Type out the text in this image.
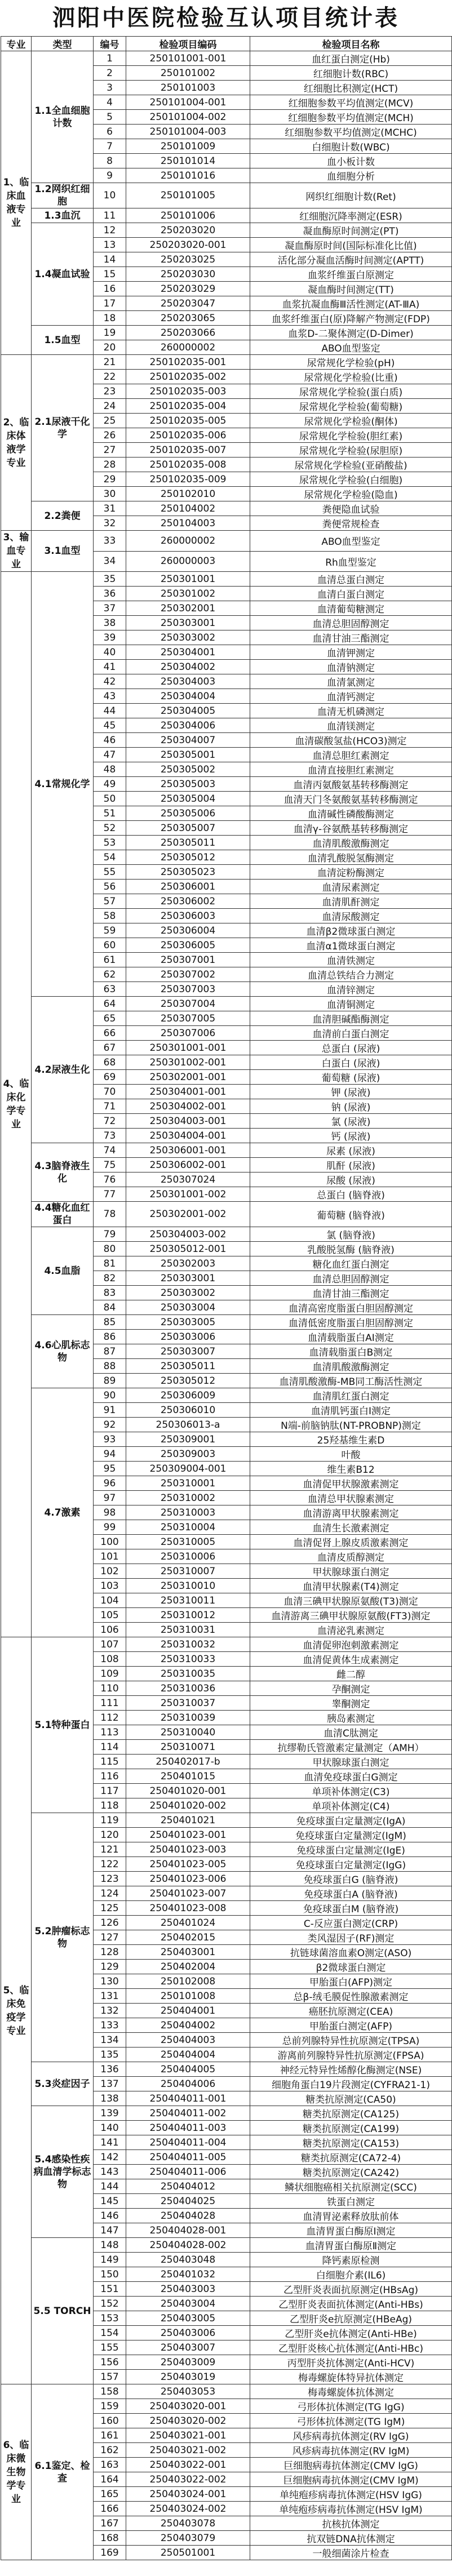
泗阳中医院检验互认项目统计表
专业	类型	编号	检验项目编码	检验项目名称
1、临床血液专业	1.1全血细胞计数	1	250101001-001	血红蛋白测定(Hb)
		2	250101002	红细胞计数(RBC)
		3	250101003	红细胞比积测定(HCT)
		4	250101004-001	红细胞参数平均值测定(MCV)
		5	250101004-002	红细胞参数平均值测定(MCH)
		6	250101004-003	红细胞参数平均值测定(MCHC)
		7	250101009	白细胞计数(WBC)
		8	250101014	血小板计数
		9	250101016	血细胞分析
	1.2网织红细胞	10	250101005	网织红细胞计数(Ret)
	1.3血沉	11	250101006	红细胞沉降率测定(ESR)
	1.4凝血试验	12	250203020	凝血酶原时间测定(PT)
		13	250203020-001	凝血酶原时间(国际标准化比值)
		14	250203025	活化部分凝血活酶时间测定(APTT)
		15	250203030	血浆纤维蛋白原测定
		16	250203029	凝血酶时间测定(TT)
		17	250203047	血浆抗凝血酶Ⅲ活性测定(AT-ⅢA)
		18	250203065	血浆纤维蛋白(原)降解产物测定(FDP)
	1.5血型	19	250203066	血浆D-二聚体测定(D-Dimer)
		20	260000002	ABO血型鉴定
2、临床体液学专业	2.1尿液干化学	21	250102035-001	尿常规化学检验(pH)
		22	250102035-002	尿常规化学检验(比重)
		23	250102035-003	尿常规化学检验(蛋白质)
		24	250102035-004	尿常规化学检验(葡萄糖)
		25	250102035-005	尿常规化学检验(酮体)
		26	250102035-006	尿常规化学检验(胆红素)
		27	250102035-007	尿常规化学检验(尿胆原)
		28	250102035-008	尿常规化学检验(亚硝酸盐)
		29	250102035-009	尿常规化学检验(白细胞)
		30	250102010	尿常规化学检验(隐血)
	2.2粪便	31	250104002	粪便隐血试验
		32	250104003	粪便常规检查
3、输血专业	3.1血型	33	260000002	ABO血型鉴定
		34	260000003	Rh血型鉴定
4、临床化学专业	4.1常规化学	35	250301001	血清总蛋白测定
		36	250301002	血清白蛋白测定
		37	250302001	血清葡萄糖测定
		38	250303001	血清总胆固醇测定
		39	250303002	血清甘油三酯测定
		40	250304001	血清钾测定
		41	250304002	血清钠测定
		42	250304003	血清氯测定
		43	250304004	血清钙测定
		44	250304005	血清无机磷测定
		45	250304006	血清镁测定
		46	250304007	血清碳酸氢盐(HCO3)测定
		47	250305001	血清总胆红素测定
		48	250305002	血清直接胆红素测定
		49	250305003	血清丙氨酸氨基转移酶测定
		50	250305004	血清天门冬氨酸氨基转移酶测定
		51	250305006	血清碱性磷酸酶测定
		52	250305007	血清γ-谷氨酰基转移酶测定
		53	250305011	血清肌酸激酶测定
		54	250305012	血清乳酸脱氢酶测定
		55	250305023	血清淀粉酶测定
		56	250306001	血清尿素测定
		57	250306002	血清肌酐测定
		58	250306003	血清尿酸测定
		59	250306004	血清β2微球蛋白测定
		60	250306005	血清α1微球蛋白测定
		61	250307001	血清铁测定
		62	250307002	血清总铁结合力测定
		63	250307003	血清锌测定
	4.2尿液生化	64	250307004	血清铜测定
		65	250307005	血清胆碱酯酶测定
		66	250307006	血清前白蛋白测定
		67	250301001-001	总蛋白 (尿液)
		68	250301002-001	白蛋白 (尿液)
		69	250302001-001	葡萄糖 (尿液)
		70	250304001-001	钾 (尿液)
		71	250304002-001	钠 (尿液)
		72	250304003-001	氯 (尿液)
		73	250304004-001	钙 (尿液)
	4.3脑脊液生化	74	250306001-001	尿素 (尿液)
		75	250306002-001	肌酐 (尿液)
		76	250307024	尿酸 (尿液)
		77	250301001-002	总蛋白 (脑脊液)
	4.4糖化血红蛋白	78	250302001-002	葡萄糖 (脑脊液)
	4.5血脂	79	250304003-002	氯 (脑脊液)
		80	250305012-001	乳酸脱氢酶 (脑脊液)
		81	250302003	糖化血红蛋白测定
		82	250303001	血清总胆固醇测定
		83	250303002	血清甘油三酯测定
		84	250303004	血清高密度脂蛋白胆固醇测定
	4.6心肌标志物	85	250303005	血清低密度脂蛋白胆固醇测定
		86	250303006	血清载脂蛋白AⅠ测定
		87	250303007	血清载脂蛋白B测定
		88	250305011	血清肌酸激酶测定
		89	250305012	血清肌酸激酶-MB同工酶活性测定
	4.7激素	90	250306009	血清肌红蛋白测定
		91	250306010	血清肌钙蛋白I测定
		92	250306013-a	N端-前脑钠肽(NT-PROBNP)测定
		93	250309001	25羟基维生素D
		94	250309003	叶酸
		95	250309004-001	维生素B12
		96	250310001	血清促甲状腺激素测定
		97	250310002	血清总甲状腺素测定
		98	250310003	血清游离甲状腺素测定
		99	250310004	血清生长激素测定
		100	250310005	血清促肾上腺皮质激素测定
		101	250310006	血清皮质醇测定
		102	250310007	甲状腺球蛋白测定
		103	250310010	血清甲状腺素(T4)测定
		104	250310011	血清三碘甲状腺原氨酸(T3)测定
		105	250310012	血清游离三碘甲状腺原氨酸(FT3)测定
		106	250310031	血清泌乳素测定
5、临床免疫学专业	5.1特种蛋白	107	250310032	血清促卵泡刺激素测定
		108	250310033	血清促黄体生成素测定
		109	250310035	雌二醇
		110	250310036	孕酮测定
		111	250310037	睾酮测定
		112	250310039	胰岛素测定
		113	250310040	血清C肽测定
		114	250310071	抗缪勒氏管激素定量测定（AMH）
		115	250402017-b	甲状腺球蛋白测定
		116	250401015	血清免疫球蛋白G测定
		117	250401020-001	单项补体测定(C3)
		118	250401020-002	单项补体测定(C4)
	5.2肿瘤标志物	119	250401021	免疫球蛋白定量测定(IgA)
		120	250401023-001	免疫球蛋白定量测定(IgM)
		121	250401023-003	免疫球蛋白定量测定(IgE)
		122	250401023-005	免疫球蛋白定量测定(IgG)
		123	250401023-006	免疫球蛋白G (脑脊液)
		124	250401023-007	免疫球蛋白A (脑脊液)
		125	250401023-008	免疫球蛋白M (脑脊液)
		126	250401024	C-反应蛋白测定(CRP)
		127	250402015	类风湿因子(RF)测定
		128	250403001	抗链球菌溶血素O测定(ASO)
		129	250402004	β2微球蛋白测定
		130	250102008	甲胎蛋白(AFP)测定
		131	250101008	总β-绒毛膜促性腺激素测定
		132	250404001	癌胚抗原测定(CEA)
		133	250404002	甲胎蛋白测定(AFP)
		134	250404003	总前列腺特异性抗原测定(TPSA)
		135	250404004	游离前列腺特异性抗原测定(FPSA)
	5.3炎症因子	136	250404005	神经元特异性烯醇化酶测定(NSE)
		137	250404006	细胞角蛋白19片段测定(CYFRA21-1)
		138	250404011-001	糖类抗原测定(CA50)
	5.4感染性疾病血清学标志物	139	250404011-002	糖类抗原测定(CA125)
		140	250404011-003	糖类抗原测定(CA199)
		141	250404011-004	糖类抗原测定(CA153)
		142	250404011-005	糖类抗原测定(CA72-4)
		143	250404011-006	糖类抗原测定(CA242)
		144	250404012	鳞状细胞癌相关抗原测定(SCC)
		145	250404025	铁蛋白测定
		146	250404028	血清胃泌素释放肽前体
		147	250404028-001	血清胃蛋白酶原Ⅰ测定
	5.5 TORCH	148	250404028-002	血清胃蛋白酶原Ⅱ测定
		149	250403048	降钙素原检测
		150	250401032	白细胞介素(IL6)
		151	250403003	乙型肝炎表面抗原测定(HBsAg)
		152	250403004	乙型肝炎表面抗体测定(Anti-HBs)
		153	250403005	乙型肝炎e抗原测定(HBeAg)
		154	250403006	乙型肝炎e抗体测定(Anti-HBe)
		155	250403007	乙型肝炎核心抗体测定(Anti-HBc)
		156	250403009	丙型肝炎抗体测定(Anti-HCV)
		157	250403019	梅毒螺旋体特异抗体测定
6、临床微生物学专业	6.1鉴定、检查	158	250403053	梅毒螺旋体抗体测定
		159	250403020-001	弓形体抗体测定(TG IgG)
		160	250403020-002	弓形体抗体测定(TG IgM)
		161	250403021-001	风疹病毒抗体测定(RV IgG)
		162	250403021-002	风疹病毒抗体测定(RV IgM)
		163	250403022-001	巨细胞病毒抗体测定(CMV IgG)
		164	250403022-002	巨细胞病毒抗体测定(CMV IgM)
		165	250403024-001	单纯疱疹病毒抗体测定(HSV IgG)
		166	250403024-002	单纯疱疹病毒抗体测定(HSV IgM)
		167	250403078	抗核抗体测定
		168	250403079	抗双链DNA抗体测定
		169	250501001	一般细菌涂片检查
